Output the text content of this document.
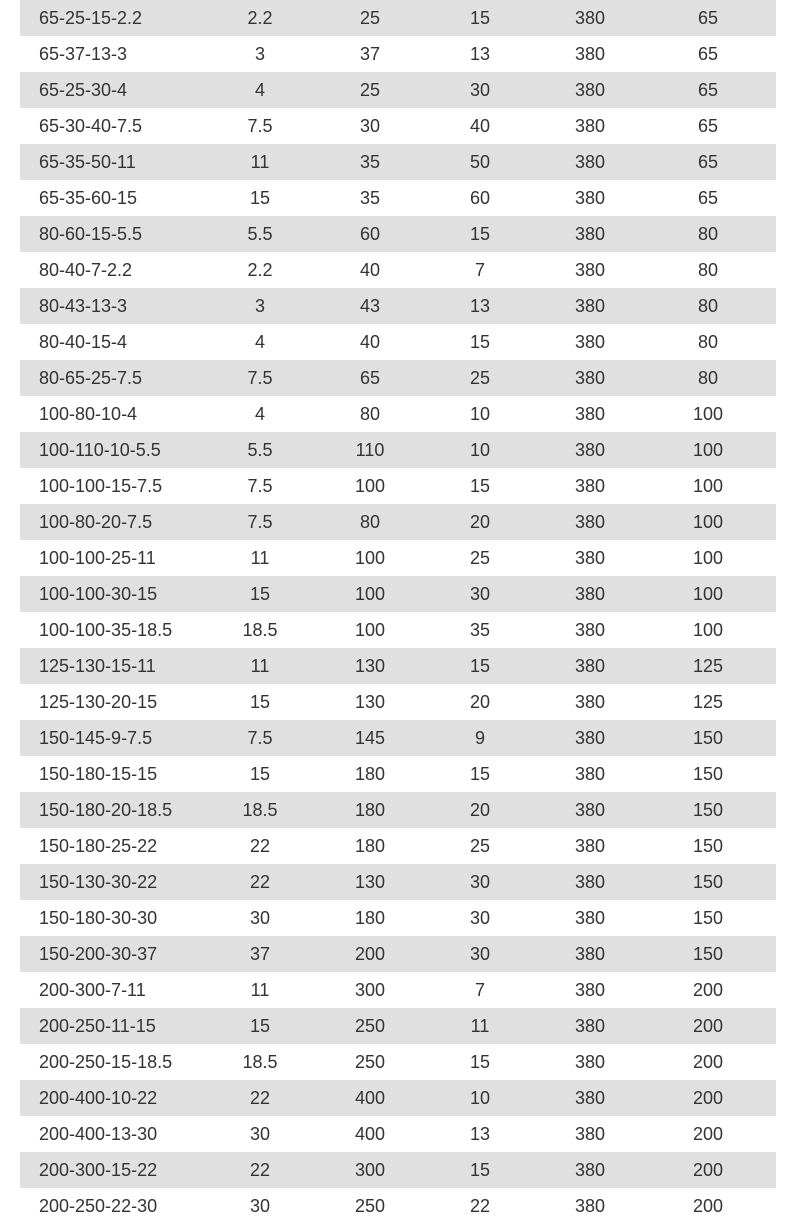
65-25-15-2.2	2.2	25	15	380	65
65-37-13-3	3	37	13	380	65
65-25-30-4	4	25	30	380	65
65-30-40-7.5	7.5	30	40	380	65
65-35-50-11	11	35	50	380	65
65-35-60-15	15	35	60	380	65
80-60-15-5.5	5.5	60	15	380	80
80-40-7-2.2	2.2	40	7	380	80
80-43-13-3	3	43	13	380	80
80-40-15-4	4	40	15	380	80
80-65-25-7.5	7.5	65	25	380	80
100-80-10-4	4	80	10	380	100
100-110-10-5.5	5.5	110	10	380	100
100-100-15-7.5	7.5	100	15	380	100
100-80-20-7.5	7.5	80	20	380	100
100-100-25-11	11	100	25	380	100
100-100-30-15	15	100	30	380	100
100-100-35-18.5	18.5	100	35	380	100
125-130-15-11	11	130	15	380	125
125-130-20-15	15	130	20	380	125
150-145-9-7.5	7.5	145	9	380	150
150-180-15-15	15	180	15	380	150
150-180-20-18.5	18.5	180	20	380	150
150-180-25-22	22	180	25	380	150
150-130-30-22	22	130	30	380	150
150-180-30-30	30	180	30	380	150
150-200-30-37	37	200	30	380	150
200-300-7-11	11	300	7	380	200
200-250-11-15	15	250	11	380	200
200-250-15-18.5	18.5	250	15	380	200
200-400-10-22	22	400	10	380	200
200-400-13-30	30	400	13	380	200
200-300-15-22	22	300	15	380	200
200-250-22-30	30	250	22	380	200
